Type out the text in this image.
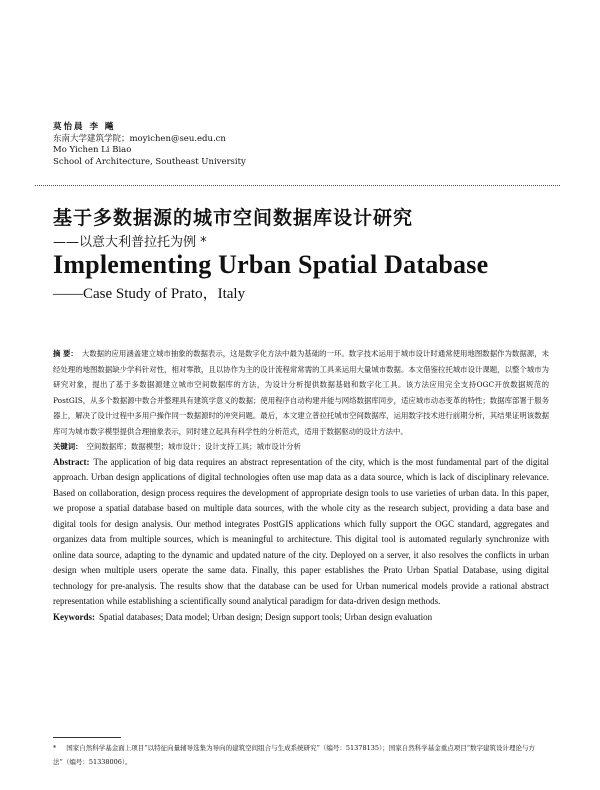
莫怡晨 李 飚
东南大学建筑学院；moyichen@seu.edu.cn
Mo Yichen Li Biao
School of Architecture, Southeast University
基于多数据源的城市空间数据库设计研究
——以意大利普拉托为例 *
Implementing Urban Spatial Database
——Case Study of Prato，Italy

摘 要： 大数据的应用涵盖建立城市抽象的数据表示，这是数字化方法中最为基础的一环。数字技术运用于城市设计时通常使用地图数据作为数据源，未经处理的地图数据缺少学科针对性，相对零散，且以协作为主的设计流程常常需的工具来运用大量城市数据。本文借鉴拉托城市设计课题，以整个城市为研究对象，提出了基于多数据源建立城市空间数据库的方法，为设计分析提供数据基础和数字化工具。该方法应用完全支持OGC开放数据规范的PostGIS，从多个数据源中数合并整理具有建筑学意义的数据；使用程序自动构建并能与网络数据库同步，适应城市动态变革的特性；数据库部署于服务器上，解决了设计过程中多用户操作同一数据源时的冲突问题。最后，本文建立普拉托城市空间数据库，运用数字技术进行前期分析，其结果证明该数据库可为城市数字模型提供合理抽象表示，同时建立起具有科学性的分析范式，适用于数据驱动的设计方法中。

关键词： 空间数据库；数据模型；城市设计；设计支持工具；城市设计分析

Abstract: The application of big data requires an abstract representation of the city, which is the most fundamental part of the digital approach. Urban design applications of digital technologies often use map data as a data source, which is lack of disciplinary relevance. Based on collaboration, design process requires the development of appropriate design tools to use varieties of urban data. In this paper, we propose a spatial database based on multiple data sources, with the whole city as the research subject, providing a data base and digital tools for design analysis. Our method integrates PostGIS applications which fully support the OGC standard, aggregates and organizes data from multiple sources, which is meaningful to architecture. This digital tool is automated regularly synchronize with online data source, adapting to the dynamic and updated nature of the city. Deployed on a server, it also resolves the conflicts in urban design when multiple users operate the same data. Finally, this paper establishes the Prato Urban Spatial Database, using digital technology for pre-analysis. The results show that the database can be used for Urban numerical models provide a rational abstract representation while establishing a scientifically sound analytical paradigm for data-driven design methods.

Keywords: Spatial databases; Data model; Urban design; Design support tools; Urban design evaluation

* 国家自然科学基金面上项目“以特征向量辅导选集为导向的建筑空间组合与生成系统研究”（编号：51378135）；国家自然科学基金重点项目“数字建筑设计理论与方法”（编号：51338006）。
